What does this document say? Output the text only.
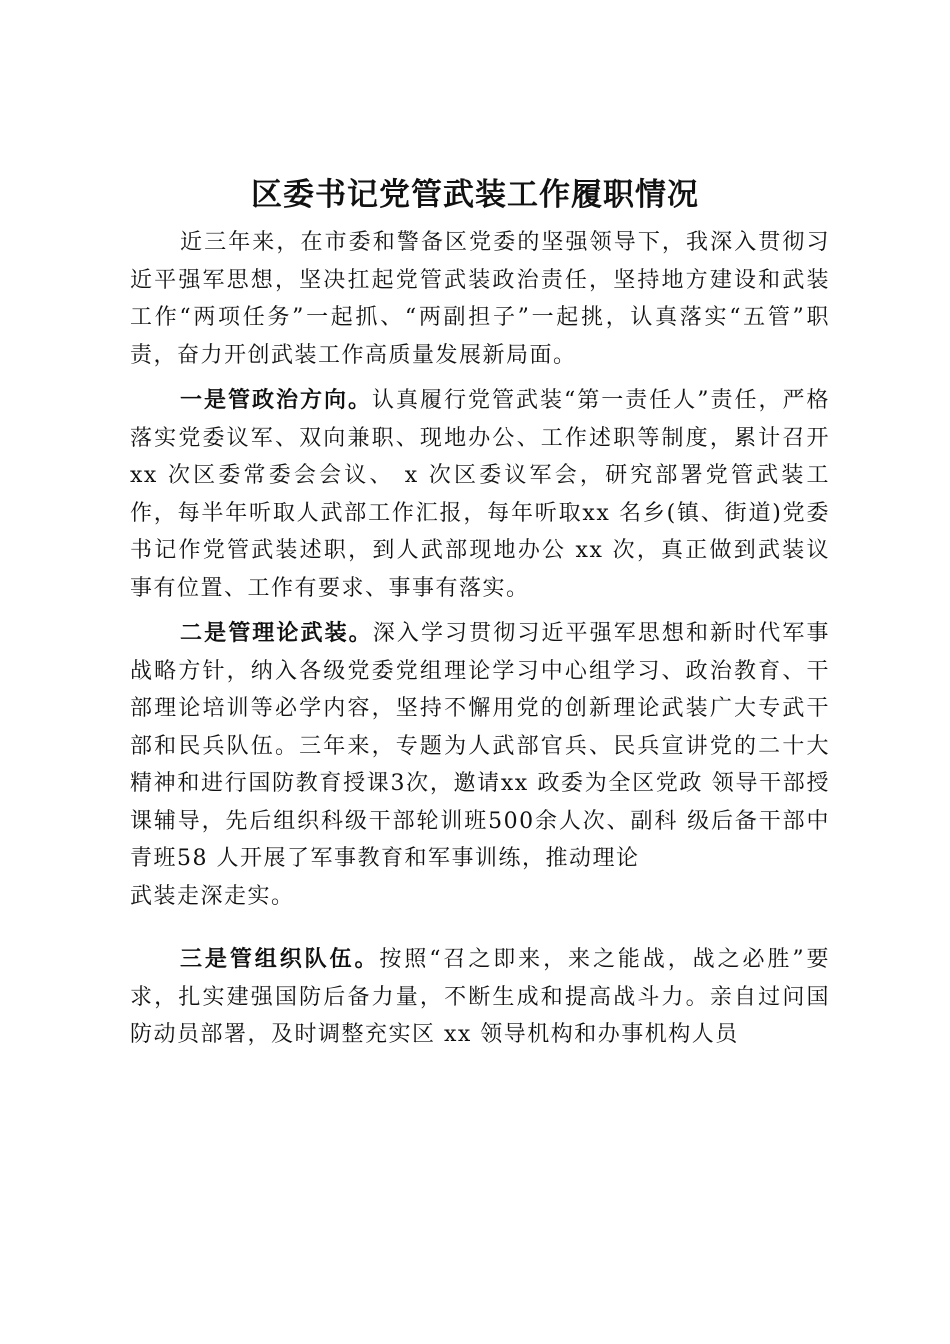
区委书记党管武装工作履职情况

近三年来，在市委和警备区党委的坚强领导下，我深入贯彻习近平强军思想，坚决扛起党管武装政治责任，坚持地方建设和武装工作“两项任务”一起抓、“两副担子”一起挑，认真落实“五管”职责，奋力开创武装工作高质量发展新局面。

一是管政治方向。认真履行党管武装“第一责任人”责任，严格落实党委议军、双向兼职、现地办公、工作述职等制度，累计召开 xx 次区委常委会会议、 x 次区委议军会，研究部署党管武装工作，每半年听取人武部工作汇报，每年听取xx 名乡(镇、街道)党委书记作党管武装述职，到人武部现地办公 xx 次，真正做到武装议事有位置、工作有要求、事事有落实。

二是管理论武装。深入学习贯彻习近平强军思想和新时代军事战略方针，纳入各级党委党组理论学习中心组学习、政治教育、干部理论培训等必学内容，坚持不懈用党的创新理论武装广大专武干部和民兵队伍。三年来，专题为人武部官兵、民兵宣讲党的二十大精神和进行国防教育授课3次，邀请xx 政委为全区党政 领导干部授课辅导，先后组织科级干部轮训班500余人次、副科 级后备干部中青班58 人开展了军事教育和军事训练，推动理论

武装走深走实。

三是管组织队伍。按照“召之即来，来之能战，战之必胜”要求，扎实建强国防后备力量，不断生成和提高战斗力。亲自过问国防动员部署，及时调整充实区 xx 领导机构和办事机构人员
